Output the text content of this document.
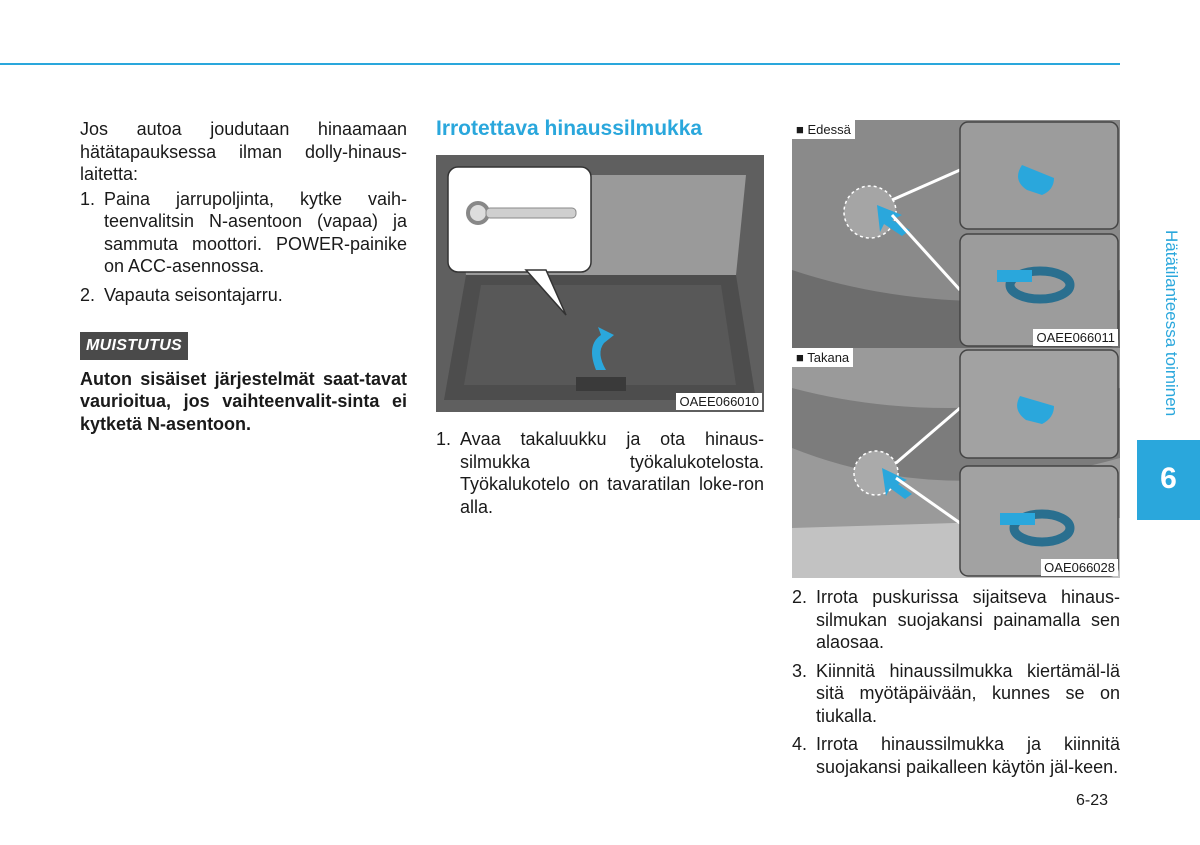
Jos autoa joudutaan hinaamaan hätätapauksessa ilman dolly-hinaus-laitetta:

1. Paina jarrupoljinta, kytke vaih-teenvalitsin N-asentoon (vapaa) ja sammuta moottori. POWER-painike on ACC-asennossa.
2. Vapauta seisontajarru.
MUISTUTUS

Auton sisäiset järjestelmät saat-tavat vaurioitua, jos vaihteenvalit-sinta ei kytketä N-asentoon.

Irrotettava hinaussilmukka
OAEE066010
1. Avaa takaluukku ja ota hinaus-silmukka työkalukotelosta. Työkalukotelo on tavaratilan loke-ron alla.
■ Edessä
OAEE066011
■ Takana
OAE066028
2. Irrota puskurissa sijaitseva hinaus-silmukan suojakansi painamalla sen alaosaa.
3. Kiinnitä hinaussilmukka kiertämäl-lä sitä myötäpäivään, kunnes se on tiukalla.
4. Irrota hinaussilmukka ja kiinnitä suojakansi paikalleen käytön jäl-keen.
Hätätilanteessa toiminen
6
6-23
